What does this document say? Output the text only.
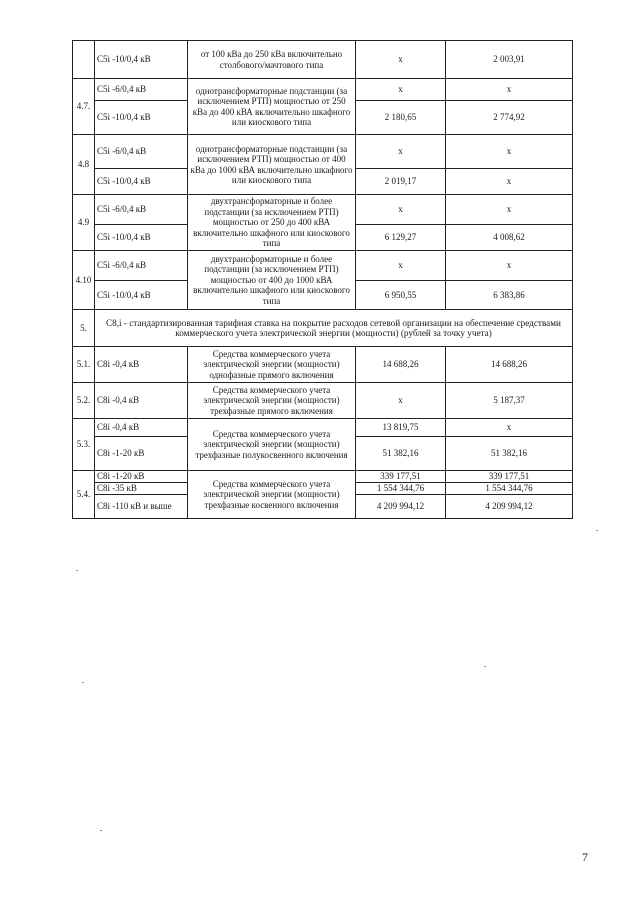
	C5i -10/0,4 кВ	от 100 кВа до 250 кВа включительно столбового/мачтового типа	х	2 003,91
4.7.	C5i -6/0,4 кВ	однотрансформаторные подстанции (за исключением РТП) мощностью от 250 кВа до 400 кВА включительно шкафного или киоскового типа	х	х
	C5i -10/0,4 кВ		2 180,65	2 774,92
4.8	C5i -6/0,4 кВ	однотрансформаторные подстанции (за исключением РТП) мощностью от 400 кВа до 1000 кВА включительно шкафного или киоскового типа	х	х
	C5i -10/0,4 кВ		2 019,17	х
4.9	C5i -6/0,4 кВ	двухтрансформаторные и более подстанции (за исключением РТП) мощностью от 250 до 400 кВА включительно шкафного или киоскового типа	х	х
	C5i -10/0,4 кВ		6 129,27	4 008,62
4.10	C5i -6/0,4 кВ	двухтрансформаторные и более подстанции (за исключением РТП) мощностью от 400 до 1000 кВА включительно шкафного или киоскового типа	х	х
	C5i -10/0,4 кВ		6 950,55	6 383,86
5.	C8,i - стандартизированная тарифная ставка на покрытие расходов сетевой организации на обеспечение средствами коммерческого учета электрической энергии (мощности) (рублей за точку учета)			
5.1.	C8i -0,4 кВ	Средства коммерческого учета электрической энергии (мощности) однофазные прямого включения	14 688,26	14 688,26
5.2.	C8i -0,4 кВ	Средства коммерческого учета электрической энергии (мощности) трехфазные прямого включения	х	5 187,37
5.3.	C8i -0,4 кВ	Средства коммерческого учета электрической энергии (мощности) трехфазные полукосвенного включения	13 819,75	х
	C8i -1-20 кВ		51 382,16	51 382,16
5.4.	C8i -1-20 кВ	Средства коммерческого учета электрической энергии (мощности) трехфазные косвенного включения	339 177,51	339 177,51
	C8i -35 кВ		1 554 344,76	1 554 344,76
	C8i -110 кВ и выше		4 209 994,12	4 209 994,12
7
